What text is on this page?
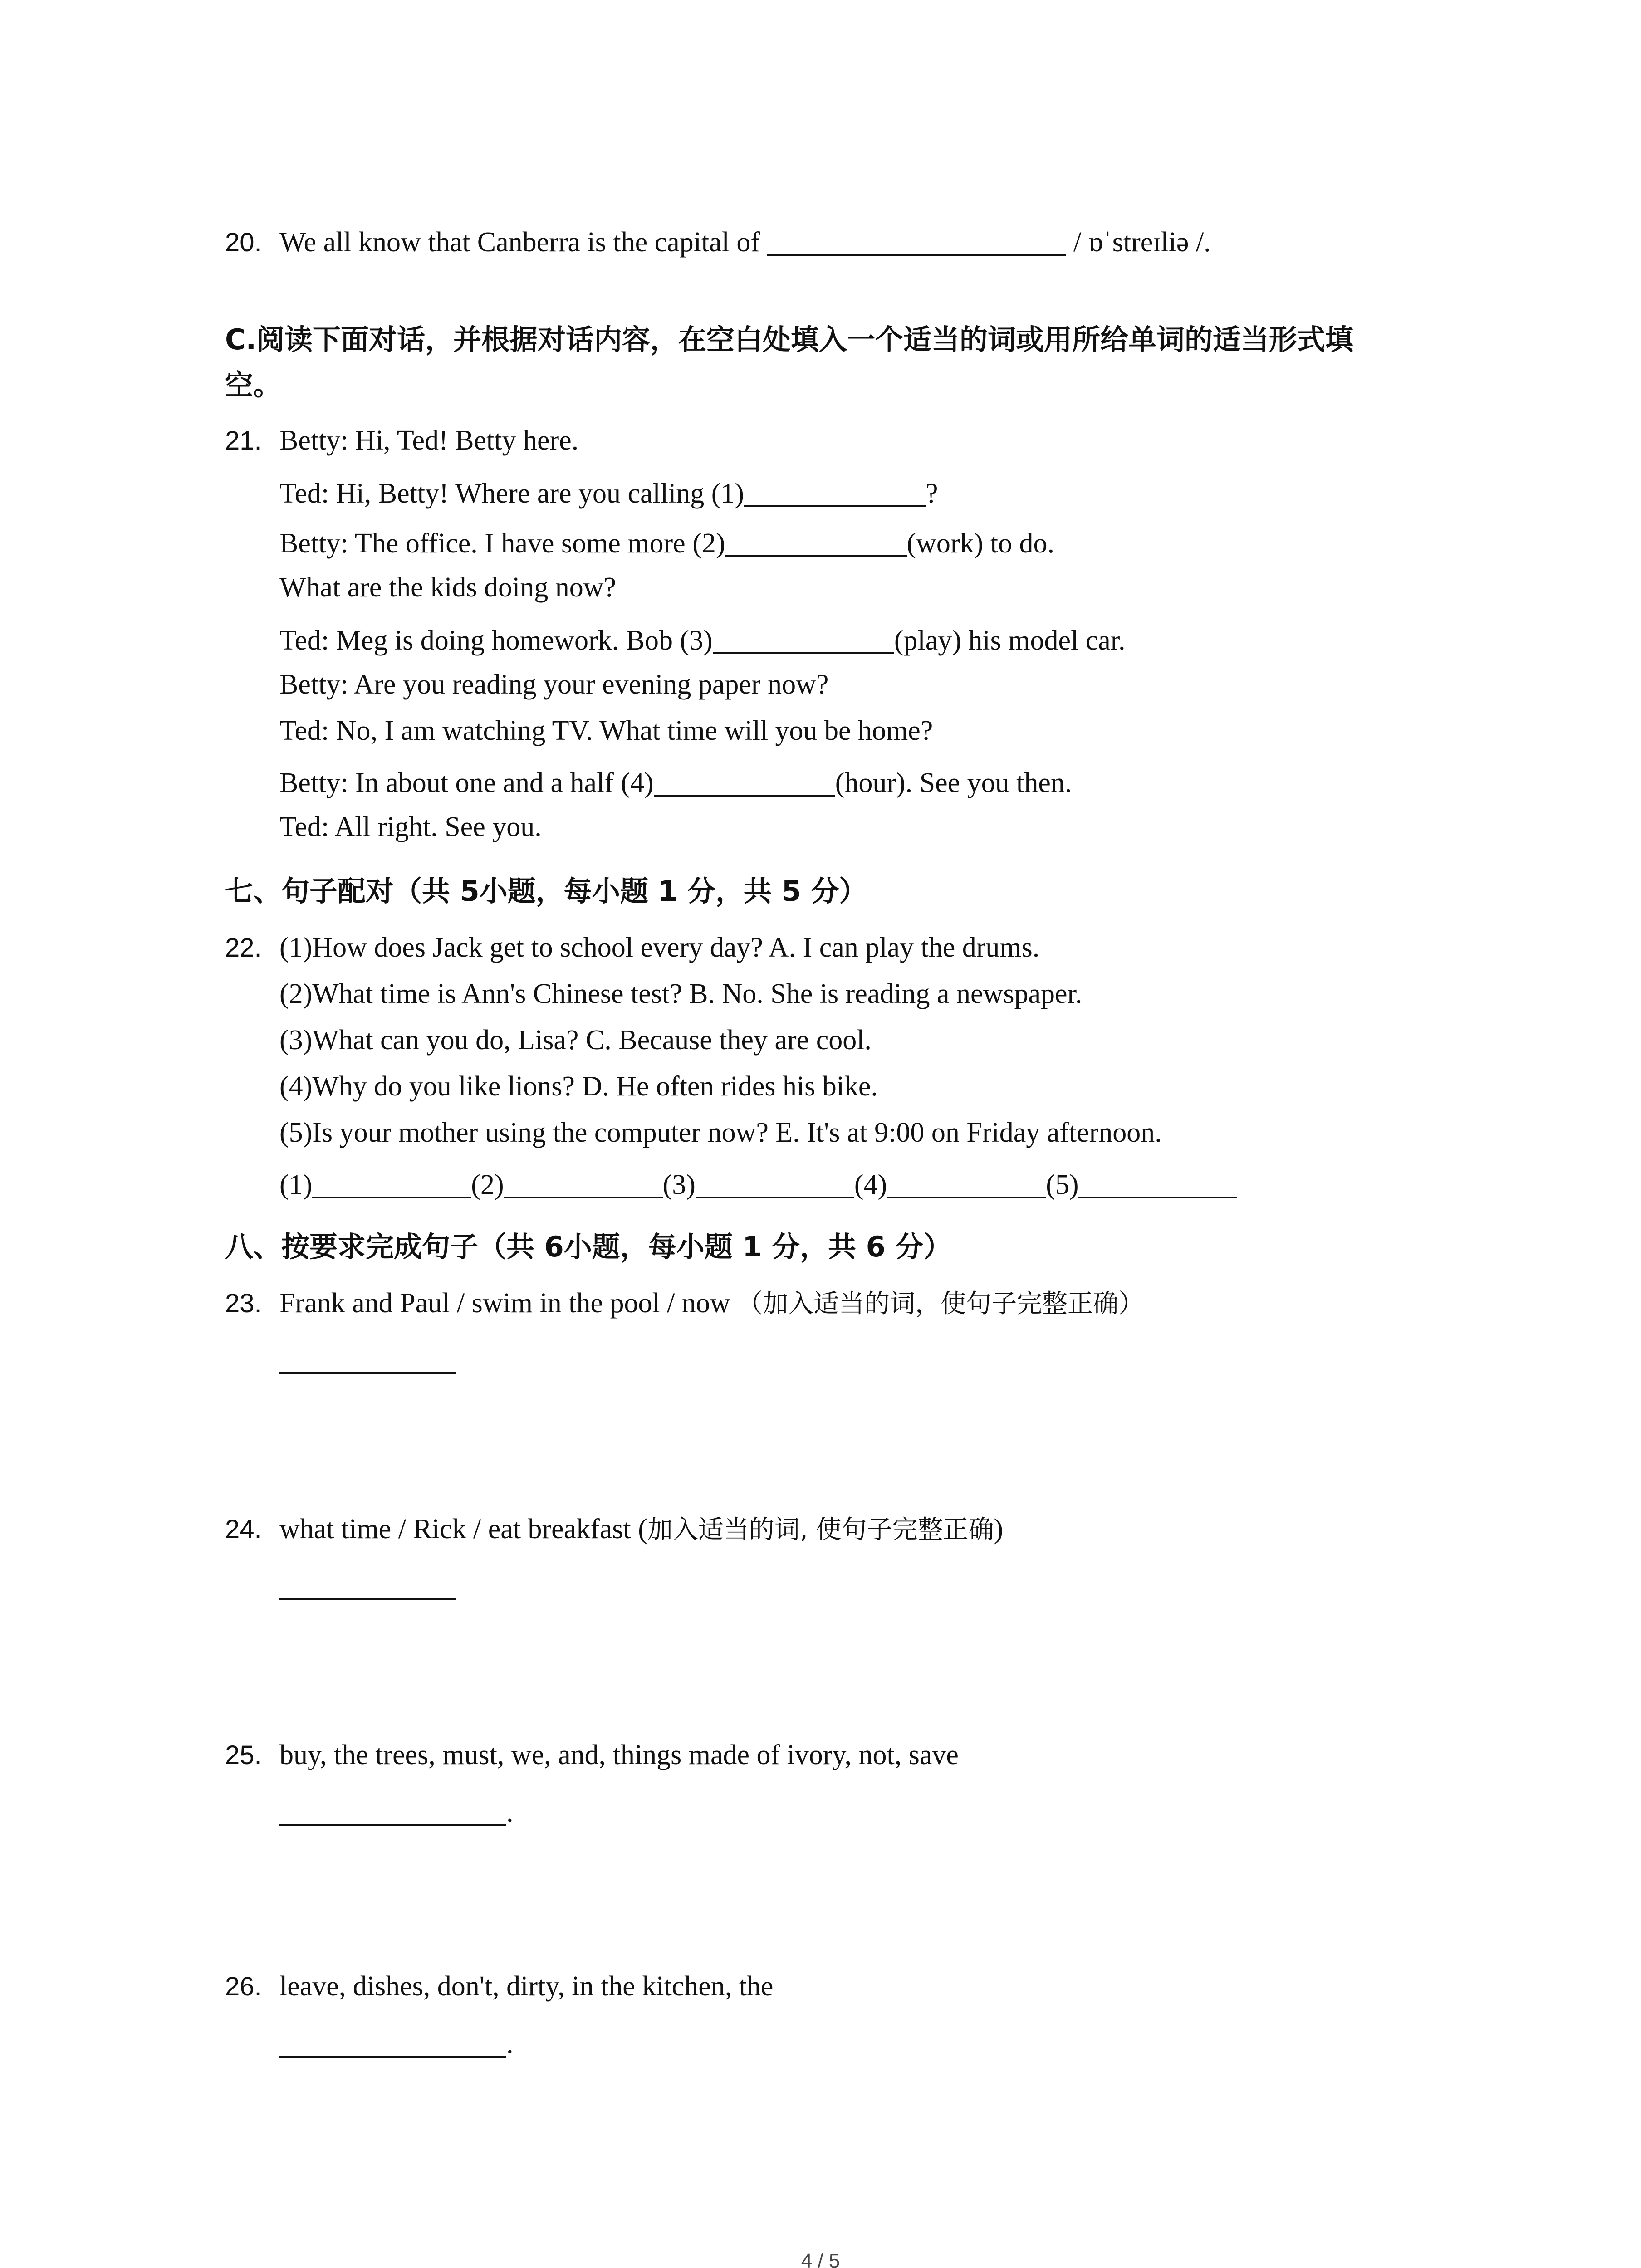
20. We all know that Canberra is the capital of	/ ɒˈstreɪliə /.
C.阅读下面对话，并根据对话内容，在空白处填入一个适当的词或用所给单词的适当形式填
空。
21. Betty: Hi, Ted! Betty here.
Ted: Hi, Betty! Where are you calling (1)	?
Betty: The office. I have some more (2)	(work) to do.
What are the kids doing now?
Ted: Meg is doing homework. Bob (3)	(play) his model car.
Betty: Are you reading your evening paper now?
Ted: No, I am watching TV. What time will you be home?
Betty: In about one and a half (4)	(hour). See you then.
Ted: All right. See you.
七、句子配对（共 5小题，每小题 1 分，共 5 分）
22. (1)How does Jack get to school every day? A. I can play the drums.
(2)What time is Ann's Chinese test? B. No. She is reading a newspaper.
(3)What can you do, Lisa? C. Because they are cool.
(4)Why do you like lions? D. He often rides his bike.
(5)Is your mother using the computer now? E. It's at 9:00 on Friday afternoon.
(1)	(2)	(3)	(4)	(5)
八、按要求完成句子（共 6小题，每小题 1 分，共 6 分）
23. Frank and Paul / swim in the pool / now （加入适当的词，使句子完整正确）
24. what time / Rick / eat breakfast (加入适当的词, 使句子完整正确)
25. buy, the trees, must, we, and, things made of ivory, not, save
.
26. leave, dishes, don't, dirty, in the kitchen, the
.
4 / 5
